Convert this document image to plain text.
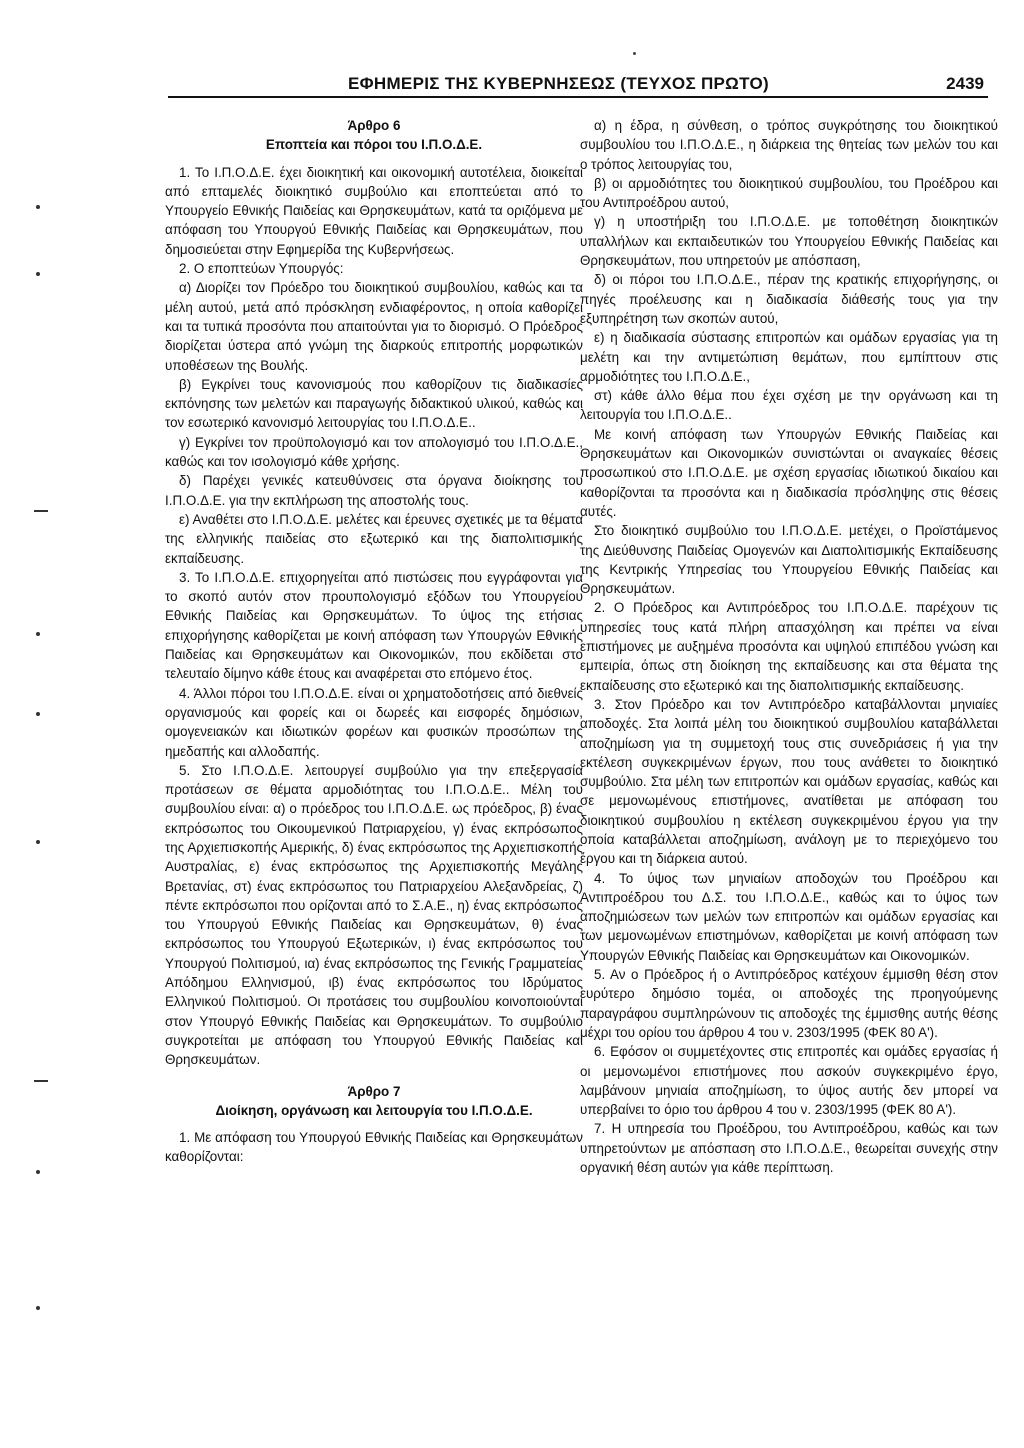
ΕΦΗΜΕΡΙΣ ΤΗΣ ΚΥΒΕΡΝΗΣΕΩΣ (ΤΕΥΧΟΣ ΠΡΩΤΟ)	2439

Άρθρο 6

Εποπτεία και πόροι του Ι.Π.Ο.Δ.Ε.

1. Το Ι.Π.Ο.Δ.Ε. έχει διοικητική και οικονομική αυτοτέλεια, διοικείται από επταμελές διοικητικό συμβούλιο και εποπτεύεται από το Υπουργείο Εθνικής Παιδείας και Θρησκευμάτων, κατά τα οριζόμενα με απόφαση του Υπουργού Εθνικής Παιδείας και Θρησκευμάτων, που δημοσιεύεται στην Εφημερίδα της Κυβερνήσεως.

2. Ο εποπτεύων Υπουργός:

α) Διορίζει τον Πρόεδρο του διοικητικού συμβουλίου, καθώς και τα μέλη αυτού, μετά από πρόσκληση ενδιαφέροντος, η οποία καθορίζει και τα τυπικά προσόντα που απαιτούνται για το διορισμό. Ο Πρόεδρος διορίζεται ύστερα από γνώμη της διαρκούς επιτροπής μορφωτικών υποθέσεων της Βουλής.

β) Εγκρίνει τους κανονισμούς που καθορίζουν τις διαδικασίες εκπόνησης των μελετών και παραγωγής διδακτικού υλικού, καθώς και τον εσωτερικό κανονισμό λειτουργίας του Ι.Π.Ο.Δ.Ε..

γ) Εγκρίνει τον προϋπολογισμό και τον απολογισμό του Ι.Π.Ο.Δ.Ε., καθώς και τον ισολογισμό κάθε χρήσης.

δ) Παρέχει γενικές κατευθύνσεις στα όργανα διοίκησης του Ι.Π.Ο.Δ.Ε. για την εκπλήρωση της αποστολής τους.

ε) Αναθέτει στο Ι.Π.Ο.Δ.Ε. μελέτες και έρευνες σχετικές με τα θέματα της ελληνικής παιδείας στο εξωτερικό και της διαπολιτισμικής εκπαίδευσης.

3. Το Ι.Π.Ο.Δ.Ε. επιχορηγείται από πιστώσεις που εγγράφονται για το σκοπό αυτόν στον προυπολογισμό εξόδων του Υπουργείου Εθνικής Παιδείας και Θρησκευμάτων. Το ύψος της ετήσιας επιχορήγησης καθορίζεται με κοινή απόφαση των Υπουργών Εθνικής Παιδείας και Θρησκευμάτων και Οικονομικών, που εκδίδεται στο τελευταίο δίμηνο κάθε έτους και αναφέρεται στο επόμενο έτος.

4. Άλλοι πόροι του Ι.Π.Ο.Δ.Ε. είναι οι χρηματοδοτήσεις από διεθνείς οργανισμούς και φορείς και οι δωρεές και εισφορές δημόσιων, ομογενειακών και ιδιωτικών φορέων και φυσικών προσώπων της ημεδαπής και αλλοδαπής.

5. Στο Ι.Π.Ο.Δ.Ε. λειτουργεί συμβούλιο για την επεξεργασία προτάσεων σε θέματα αρμοδιότητας του Ι.Π.Ο.Δ.Ε.. Μέλη του συμβουλίου είναι: α) ο πρόεδρος του Ι.Π.Ο.Δ.Ε. ως πρόεδρος, β) ένας εκπρόσωπος του Οικουμενικού Πατριαρχείου, γ) ένας εκπρόσωπος της Αρχιεπισκοπής Αμερικής, δ) ένας εκπρόσωπος της Αρχιεπισκοπής Αυστραλίας, ε) ένας εκπρόσωπος της Αρχιεπισκοπής Μεγάλης Βρετανίας, στ) ένας εκπρόσωπος του Πατριαρχείου Αλεξανδρείας, ζ) πέντε εκπρόσωποι που ορίζονται από το Σ.Α.Ε., η) ένας εκπρόσωπος του Υπουργού Εθνικής Παιδείας και Θρησκευμάτων, θ) ένας εκπρόσωπος του Υπουργού Εξωτερικών, ι) ένας εκπρόσωπος του Υπουργού Πολιτισμού, ια) ένας εκπρόσωπος της Γενικής Γραμματείας Απόδημου Ελληνισμού, ιβ) ένας εκπρόσωπος του Ιδρύματος Ελληνικού Πολιτισμού. Οι προτάσεις του συμβουλίου κοινοποιούνται στον Υπουργό Εθνικής Παιδείας και Θρησκευμάτων. Το συμβούλιο συγκροτείται με απόφαση του Υπουργού Εθνικής Παιδείας και Θρησκευμάτων.

Άρθρο 7

Διοίκηση, οργάνωση και λειτουργία του Ι.Π.Ο.Δ.Ε.

1. Με απόφαση του Υπουργού Εθνικής Παιδείας και Θρησκευμάτων καθορίζονται:

α) η έδρα, η σύνθεση, ο τρόπος συγκρότησης του διοικητικού συμβουλίου του Ι.Π.Ο.Δ.Ε., η διάρκεια της θητείας των μελών του και ο τρόπος λειτουργίας του,

β) οι αρμοδιότητες του διοικητικού συμβουλίου, του Προέδρου και του Αντιπροέδρου αυτού,

γ) η υποστήριξη του Ι.Π.Ο.Δ.Ε. με τοποθέτηση διοικητικών υπαλλήλων και εκπαιδευτικών του Υπουργείου Εθνικής Παιδείας και Θρησκευμάτων, που υπηρετούν με απόσπαση,

δ) οι πόροι του Ι.Π.Ο.Δ.Ε., πέραν της κρατικής επιχορήγησης, οι πηγές προέλευσης και η διαδικασία διάθεσής τους για την εξυπηρέτηση των σκοπών αυτού,

ε) η διαδικασία σύστασης επιτροπών και ομάδων εργασίας για τη μελέτη και την αντιμετώπιση θεμάτων, που εμπίπτουν στις αρμοδιότητες του Ι.Π.Ο.Δ.Ε.,

στ) κάθε άλλο θέμα που έχει σχέση με την οργάνωση και τη λειτουργία του Ι.Π.Ο.Δ.Ε..

Με κοινή απόφαση των Υπουργών Εθνικής Παιδείας και Θρησκευμάτων και Οικονομικών συνιστώνται οι αναγκαίες θέσεις προσωπικού στο Ι.Π.Ο.Δ.Ε. με σχέση εργασίας ιδιωτικού δικαίου και καθορίζονται τα προσόντα και η διαδικασία πρόσληψης στις θέσεις αυτές.

Στο διοικητικό συμβούλιο του Ι.Π.Ο.Δ.Ε. μετέχει, ο Προϊστάμενος της Διεύθυνσης Παιδείας Ομογενών και Διαπολιτισμικής Εκπαίδευσης της Κεντρικής Υπηρεσίας του Υπουργείου Εθνικής Παιδείας και Θρησκευμάτων.

2. Ο Πρόεδρος και Αντιπρόεδρος του Ι.Π.Ο.Δ.Ε. παρέχουν τις υπηρεσίες τους κατά πλήρη απασχόληση και πρέπει να είναι επιστήμονες με αυξημένα προσόντα και υψηλού επιπέδου γνώση και εμπειρία, όπως στη διοίκηση της εκπαίδευσης και στα θέματα της εκπαίδευσης στο εξωτερικό και της διαπολιτισμικής εκπαίδευσης.

3. Στον Πρόεδρο και τον Αντιπρόεδρο καταβάλλονται μηνιαίες αποδοχές. Στα λοιπά μέλη του διοικητικού συμβουλίου καταβάλλεται αποζημίωση για τη συμμετοχή τους στις συνεδριάσεις ή για την εκτέλεση συγκεκριμένων έργων, που τους ανάθετει το διοικητικό συμβούλιο. Στα μέλη των επιτροπών και ομάδων εργασίας, καθώς και σε μεμονωμένους επιστήμονες, ανατίθεται με απόφαση του διοικητικού συμβουλίου η εκτέλεση συγκεκριμένου έργου για την οποία καταβάλλεται αποζημίωση, ανάλογη με το περιεχόμενο του έργου και τη διάρκεια αυτού.

4. Το ύψος των μηνιαίων αποδοχών του Προέδρου και Αντιπροέδρου του Δ.Σ. του Ι.Π.Ο.Δ.Ε., καθώς και το ύψος των αποζημιώσεων των μελών των επιτροπών και ομάδων εργασίας και των μεμονωμένων επιστημόνων, καθορίζεται με κοινή απόφαση των Υπουργών Εθνικής Παιδείας και Θρησκευμάτων και Οικονομικών.

5. Αν ο Πρόεδρος ή ο Αντιπρόεδρος κατέχουν έμμισθη θέση στον ευρύτερο δημόσιο τομέα, οι αποδοχές της προηγούμενης παραγράφου συμπληρώνουν τις αποδοχές της έμμισθης αυτής θέσης μέχρι του ορίου του άρθρου 4 του ν. 2303/1995 (ΦΕΚ 80 Α').

6. Εφόσον οι συμμετέχοντες στις επιτροπές και ομάδες εργασίας ή οι μεμονωμένοι επιστήμονες που ασκούν συγκεκριμένο έργο, λαμβάνουν μηνιαία αποζημίωση, το ύψος αυτής δεν μπορεί να υπερβαίνει το όριο του άρθρου 4 του ν. 2303/1995 (ΦΕΚ 80 Α').

7. Η υπηρεσία του Προέδρου, του Αντιπροέδρου, καθώς και των υπηρετούντων με απόσπαση στο Ι.Π.Ο.Δ.Ε., θεωρείται συνεχής στην οργανική θέση αυτών για κάθε περίπτωση.
